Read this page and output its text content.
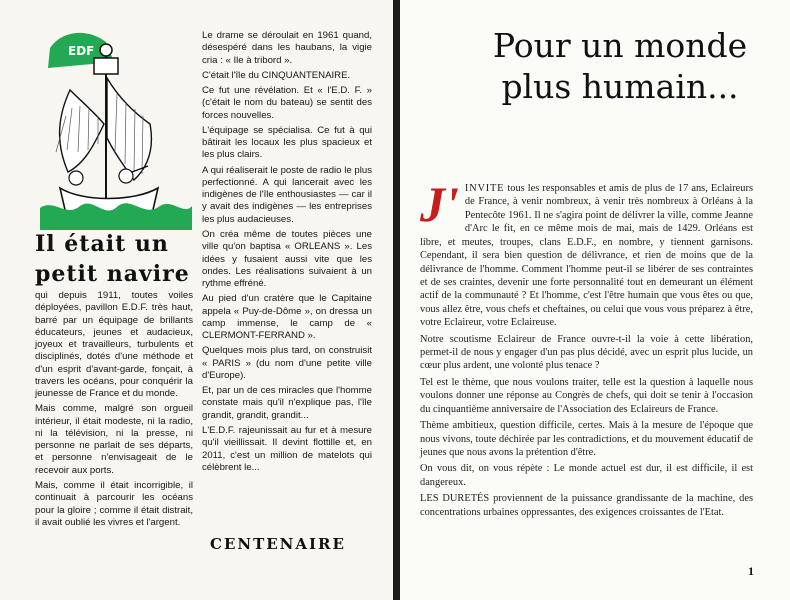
EDF
Il était un
petit navire

qui depuis 1911, toutes voiles déployées, pavillon E.D.F. très haut, barré par un équipage de brillants éducateurs, jeunes et audacieux, joyeux et travailleurs, turbulents et disciplinés, dotés d'une méthode et d'un esprit d'avant-garde, fonçait, à travers les océans, pour conquérir la jeunesse de France et du monde.

Mais comme, malgré son orgueil intérieur, il était modeste, ni la radio, ni la télévision, ni la presse, ni personne ne parlait de ses départs, et personne n'envisageait de le recevoir aux ports.

Mais, comme il était incorrigible, il continuait à parcourir les océans pour la gloire ; comme il était distrait, il avait oublié les vivres et l'argent.

Le drame se déroulait en 1961 quand, désespéré dans les haubans, la vigie cria : « Ile à tribord ».

C'était l'île du CINQUANTENAIRE.

Ce fut une révélation. Et « l'E.D. F. » (c'était le nom du bateau) se sentit des forces nouvelles.

L'équipage se spécialisa. Ce fut à qui bâtirait les locaux les plus spacieux et les plus clairs.

A qui réaliserait le poste de radio le plus perfectionné. A qui lancerait avec les indigènes de l'île enthousiastes — car il y avait des indigènes — les entreprises les plus audacieuses.

On créa même de toutes pièces une ville qu'on baptisa « ORLEANS ». Les idées y fusaient aussi vite que les ondes. Les réalisations suivaient à un rythme effréné.

Au pied d'un cratère que le Capitaine appela « Puy-de-Dôme », on dressa un camp immense, le camp de « CLERMONT-FERRAND ».

Quelques mois plus tard, on construisit « PARIS » (du nom d'une petite ville d'Europe).

Et, par un de ces miracles que l'homme constate mais qu'il n'explique pas, l'île grandit, grandit, grandit...

L'E.D.F. rajeunissait au fur et à mesure qu'il vieillissait. Il devint flottille et, en 2011, c'est un million de matelots qui célèbrent le...

CENTENAIRE
Pour un monde
plus humain...

J' INVITE tous les responsables et amis de plus de 17 ans, Eclaireurs de France, à venir nombreux, à venir très nombreux à Orléans à la Pentecôte 1961. Il ne s'agira point de délivrer la ville, comme Jeanne d'Arc le fit, en ce même mois de mai, mais de 1429. Orléans est libre, et meutes, troupes, clans E.D.F., en nombre, y tiennent garnisons. Cependant, il sera bien question de délivrance, et rien de moins que de la délivrance de l'homme. Comment l'homme peut-il se libérer de ses contraintes et de ses craintes, devenir une forte personnalité tout en demeurant un élément actif de la communauté ? Et l'homme, c'est l'être humain que vous êtes ou que, vous allez être, vous chefs et cheftaines, ou celui que vous vous préparez à être, votre Eclaireur, votre Eclaireuse.

Notre scoutisme Eclaireur de France ouvre-t-il la voie à cette libération, permet-il de nous y engager d'un pas plus décidé, avec un esprit plus lucide, un cœur plus ardent, une volonté plus tenace ?

Tel est le thème, que nous voulons traiter, telle est la question à laquelle nous voulons donner une réponse au Congrès de chefs, qui doit se tenir à l'occasion du cinquantième anniversaire de l'Association des Eclaireurs de France.

Thème ambitieux, question difficile, certes. Mais à la mesure de l'époque que nous vivons, toute déchirée par les contradictions, et du mouvement éducatif de jeunes que nous avons la prétention d'être.

On vous dit, on vous répète : Le monde actuel est dur, il est difficile, il est dangereux.

LES DURETÉS proviennent de la puissance grandissante de la machine, des concentrations urbaines oppressantes, des exigences croissantes de l'Etat.

1
